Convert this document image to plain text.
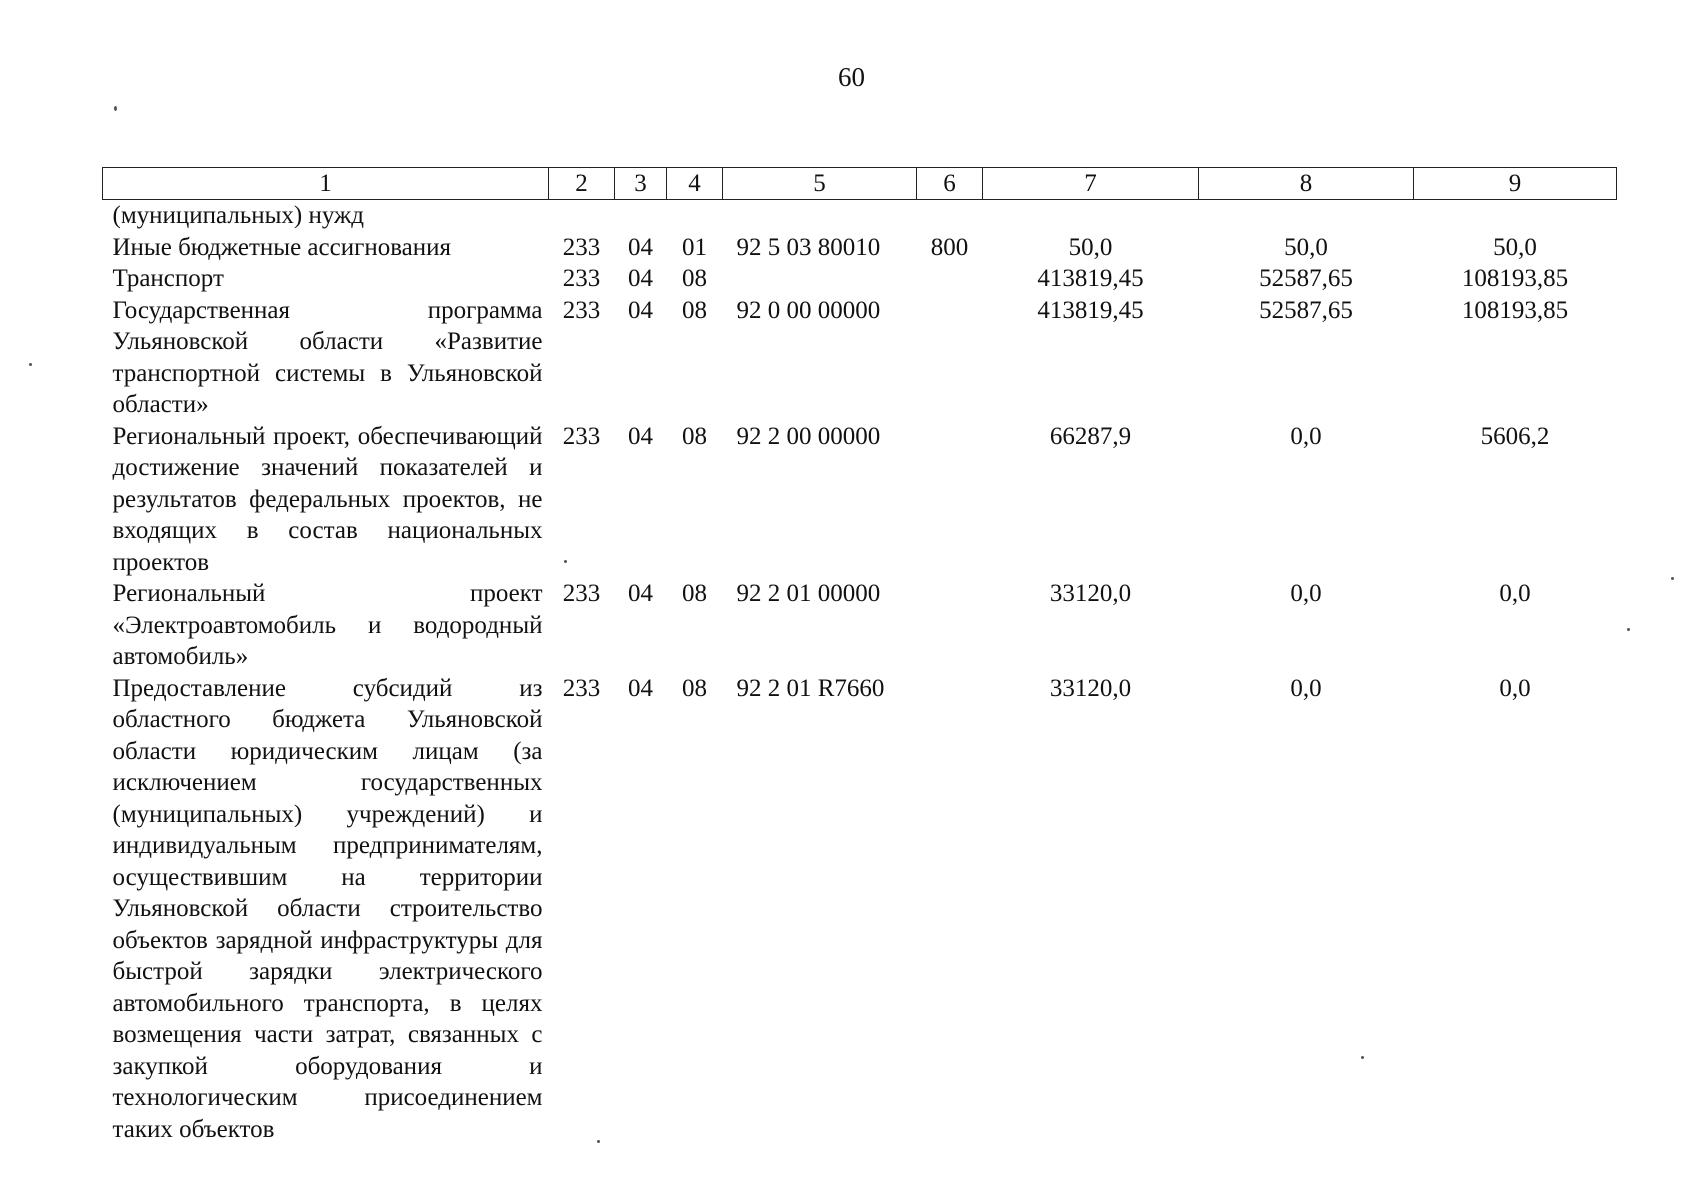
60
1	2	3	4	5	6	7	8	9
(муниципальных) нужд								
Иные бюджетные ассигнования	233	04	01	92 5 03 80010	800	50,0	50,0	50,0
Транспорт	233	04	08			413819,45	52587,65	108193,85
Государственная программа Ульяновской области «Развитие транспортной системы в Ульяновской области»	233	04	08	92 0 00 00000		413819,45	52587,65	108193,85
Региональный проект, обеспечивающий достижение значений показателей и результатов федеральных проектов, не входящих в состав национальных проектов	233	04	08	92 2 00 00000		66287,9	0,0	5606,2
Региональный проект «Электроавтомобиль и водородный автомобиль»	233	04	08	92 2 01 00000		33120,0	0,0	0,0
Предоставление субсидий из областного бюджета Ульяновской области юридическим лицам (за исключением государственных (муниципальных) учреждений) и индивидуальным предпринимателям, осуществившим на территории Ульяновской области строительство объектов зарядной инфраструктуры для быстрой зарядки электрического автомобильного транспорта, в целях возмещения части затрат, связанных с закупкой оборудования и технологическим присоединением таких объектов	233	04	08	92 2 01 R7660		33120,0	0,0	0,0
